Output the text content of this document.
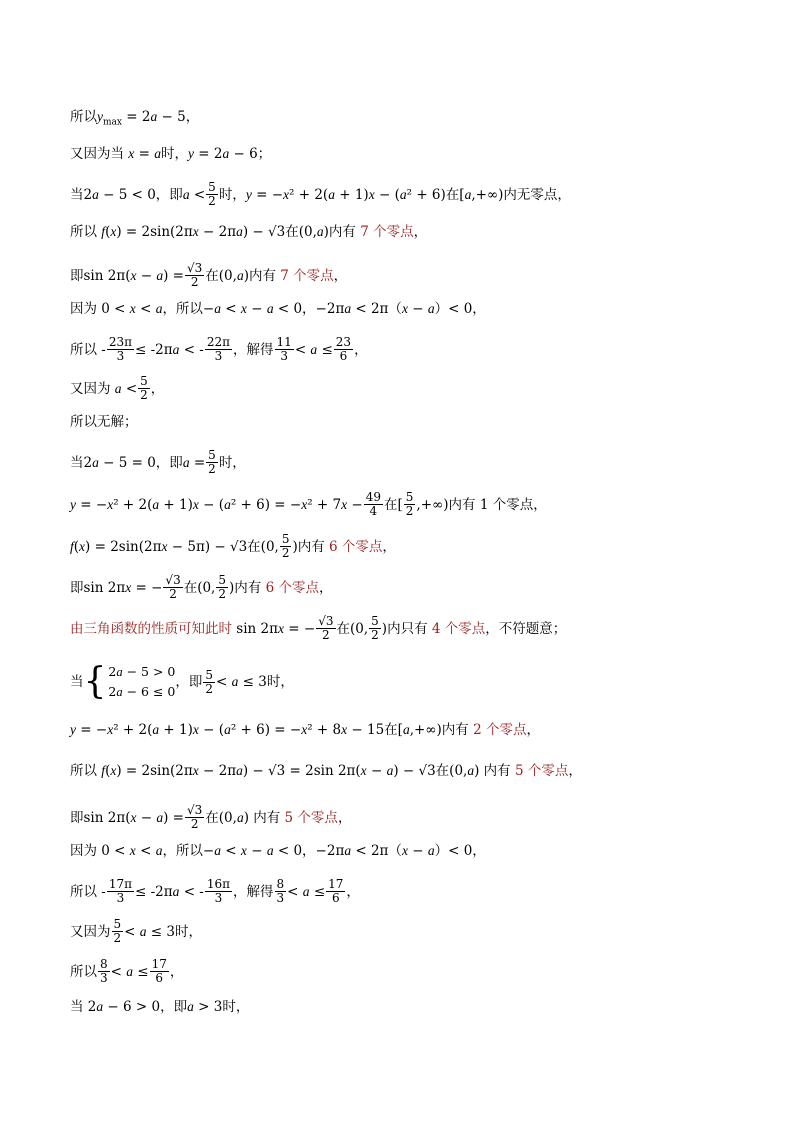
所以$y_{max} = 2a - 5$，
又因为当 x = a时，y = 2a − 6；
当2a − 5 < 0，即$a < \frac{5}{2}$ 时，y = −x² + 2(a + 1)x − (a² + 6)在[a,+∞)内无零点，
所以 f(x) = 2sin(2πx − 2πa) − √3在(0,a)内有 7 个零点，
即$\sin 2\pi(x - a) = \frac{√3}{2}$ 在(0,a)内有 7 个零点，
因为 0 < x < a，所以−a < x − a < 0，−2πa < 2π（x − a）< 0，
所以 - $\frac{23\pi}{3} \le -2\pi a$ < - $\frac{22\pi}{3}$ ，解得 $\frac{11}{3} < a \le \frac{23}{6}$ ，
又因为 $a < \frac{5}{2}$ ，
所以无解；
当2a − 5 = 0，即$a = \frac{5}{2}$ 时，
$y = -x^2 + 2(a + 1)x - (a^2 + 6) = -x^2 + 7x - \frac{49}{4}$ 在[ $\frac{5}{2}$ ,+∞)内有 1 个零点，
f(x) = 2sin(2πx − 5π) − √3在(0, $\frac{5}{2}$ )内有 6 个零点，
即sin 2πx = − $\frac{√3}{2}$ 在(0, $\frac{5}{2}$ )内有 6 个零点，
由三角函数的性质可知此时 sin 2πx = − $\frac{√3}{2}$ 在(0, $\frac{5}{2}$ )内只有 4 个零点，不符题意；
当 { 2a − 5 > 0
2a − 6 ≤ 0
，即 $\frac{5}{2} < a \le 3$时，
y = −x² + 2(a + 1)x − (a² + 6) = −x² + 8x − 15在[a,+∞)内有 2 个零点，
所以 f(x) = 2sin(2πx − 2πa) − √3 = 2sin 2π(x − a) − √3在(0,a) 内有 5 个零点，
即$\sin 2\pi(x - a) = \frac{√3}{2}$ 在(0,a) 内有 5 个零点，
因为 0 < x < a，所以−a < x − a < 0，−2πa < 2π（x − a）< 0，
所以 - $\frac{17\pi}{3} \le -2\pi a$ < - $\frac{16\pi}{3}$ ，解得 $\frac{8}{3} < a \le \frac{17}{6}$ ，
又因为 $\frac{5}{2} < a \le 3$时，
所以 $\frac{8}{3} < a \le \frac{17}{6}$ ，
当 2a − 6 > 0，即a > 3时，
